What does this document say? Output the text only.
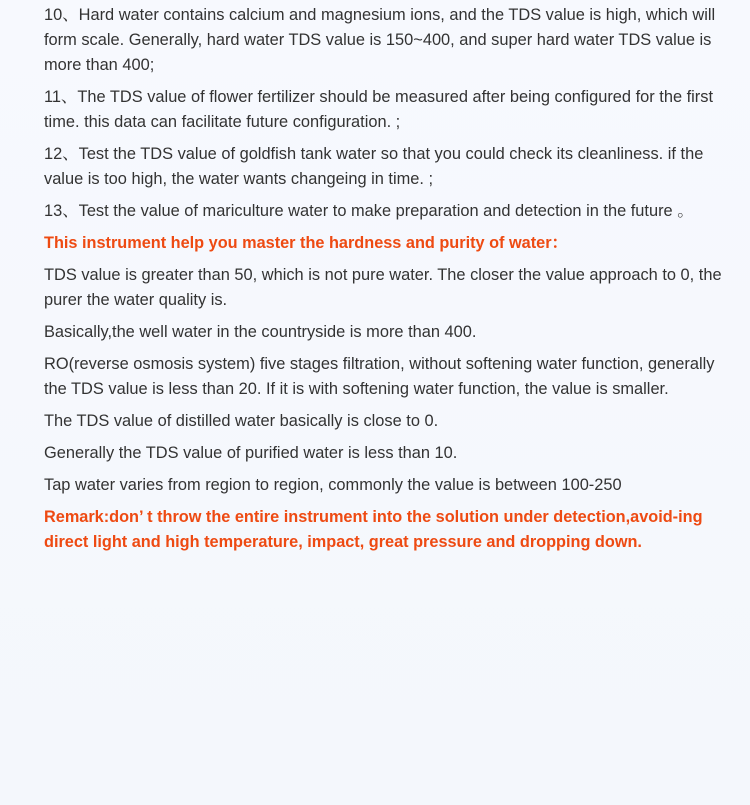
10、Hard water contains calcium and magnesium ions, and the TDS value is high, which will form scale. Generally, hard water TDS value is 150~400, and super hard water TDS value is more than 400;

11、The TDS value of flower fertilizer should be measured after being configured for the first time. this data can facilitate future configuration. ;

12、Test the TDS value of goldfish tank water so that you could check its cleanliness. if the value is too high, the water wants changeing in time. ;

13、Test the value of mariculture water to make preparation and detection in the future 。

This instrument help you master the hardness and purity of water：

TDS value is greater than 50, which is not pure water. The closer the value approach to 0, the purer the water quality is.

Basically,the well water in the countryside is more than 400.

RO(reverse osmosis system) five stages filtration, without softening water function, generally the TDS value is less than 20. If it is with softening water function, the value is smaller.

The TDS value of distilled water basically is close to 0.

Generally the TDS value of purified water is less than 10.

Tap water varies from region to region, commonly the value is between 100-250

Remark:don’ t throw the entire instrument into the solution under detection,avoid-ing direct light and high temperature, impact, great pressure and dropping down.
